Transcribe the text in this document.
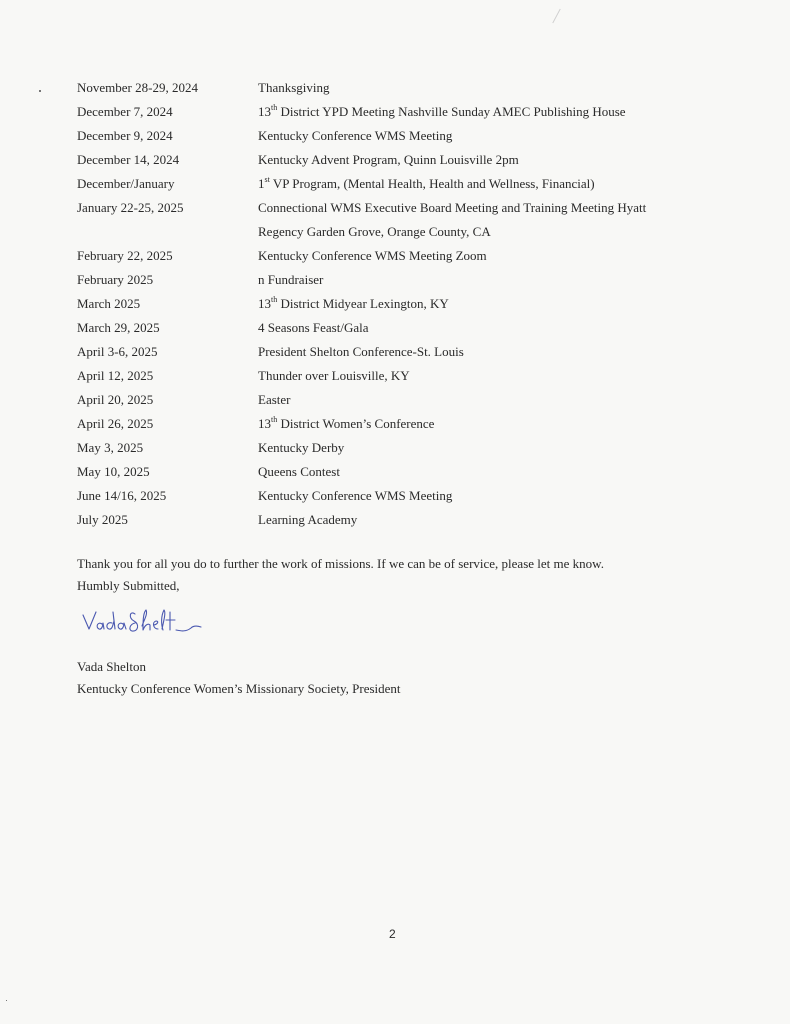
November 28-29, 2024	Thanksgiving
December 7, 2024	13th District YPD Meeting Nashville Sunday AMEC Publishing House
December 9, 2024	Kentucky Conference WMS Meeting
December 14, 2024	Kentucky Advent Program, Quinn Louisville 2pm
December/January	1st VP Program, (Mental Health, Health and Wellness, Financial)
January 22-25, 2025	Connectional WMS Executive Board Meeting and Training Meeting Hyatt
Regency Garden Grove, Orange County, CA
February 22, 2025	Kentucky Conference WMS Meeting Zoom
February 2025	n Fundraiser
March 2025	13th District Midyear Lexington, KY
March 29, 2025	4 Seasons Feast/Gala
April 3-6, 2025	President Shelton Conference-St. Louis
April 12, 2025	Thunder over Louisville, KY
April 20, 2025	Easter
April 26, 2025	13th District Women’s Conference
May 3, 2025	Kentucky Derby
May 10, 2025	Queens Contest
June 14/16, 2025	Kentucky Conference WMS Meeting
July 2025	Learning Academy

Thank you for all you do to further the work of missions. If we can be of service, please let me know.

Humbly Submitted,

Vada Shelton

Kentucky Conference Women’s Missionary Society, President

2
